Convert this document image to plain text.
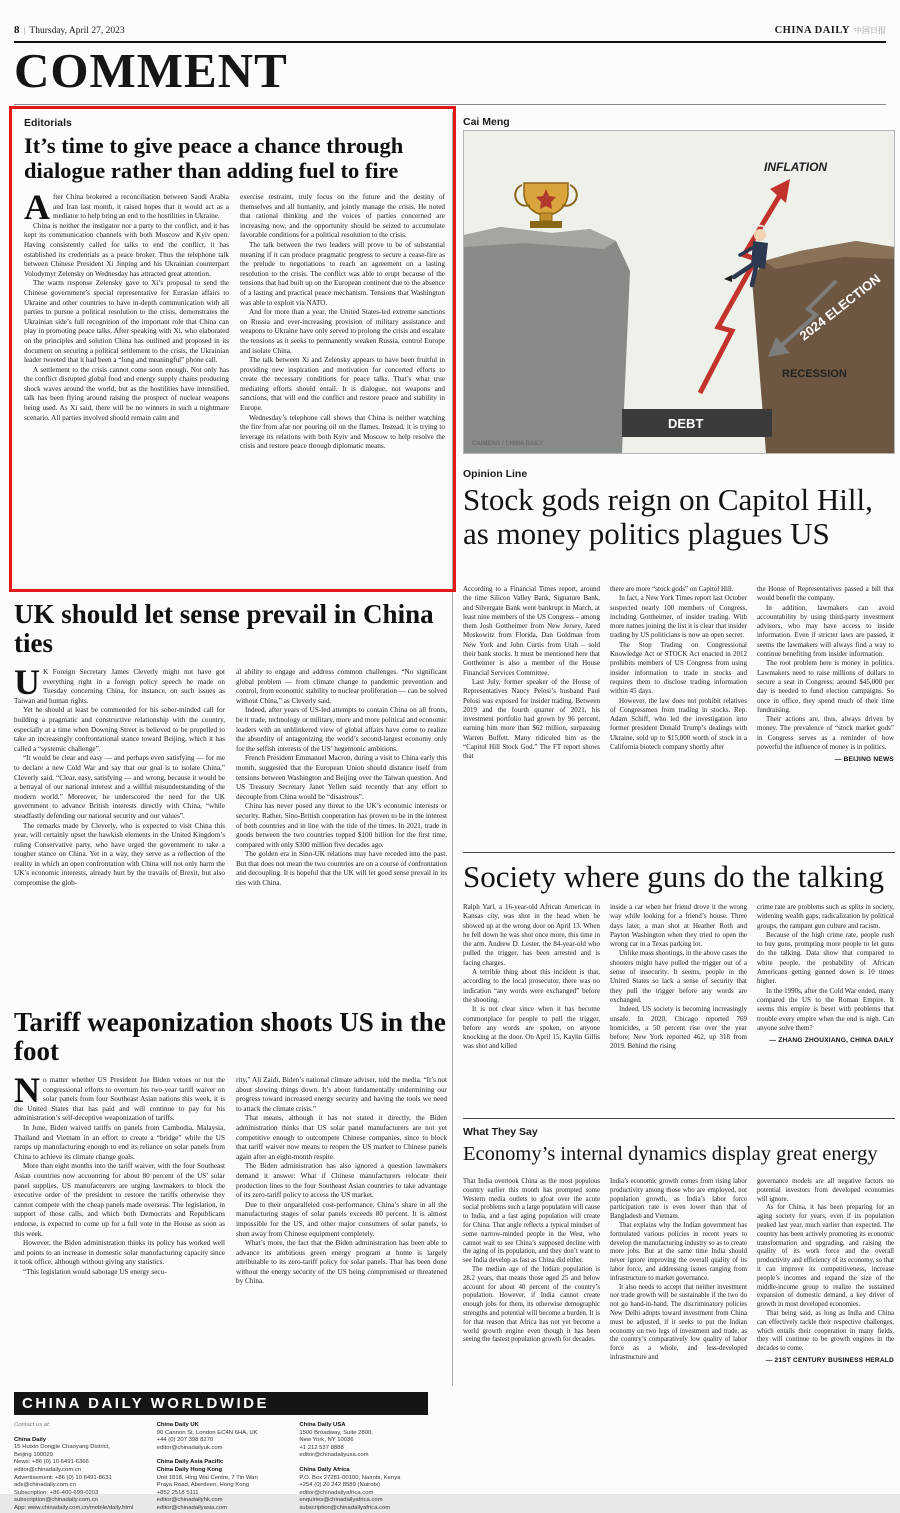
8 | Thursday, April 27, 2023	CHINA DAILY 中国日报
COMMENT
Editorials
It’s time to give peace a chance through dialogue rather than adding fuel to fire

After China brokered a reconciliation between Saudi Arabia and Iran last month, it raised hopes that it would act as a mediator to help bring an end to the hostilities in Ukraine.

China is neither the instigator nor a party to the conflict, and it has kept its communication channels with both Moscow and Kyiv open. Having consistently called for talks to end the conflict, it has established its credentials as a peace broker. Thus the telephone talk between Chinese President Xi Jinping and his Ukrainian counterpart Volodymyr Zelensky on Wednesday has attracted great attention.

The warm response Zelensky gave to Xi’s proposal to send the Chinese government’s special representative for Eurasian affairs to Ukraine and other countries to have in-depth communication with all parties to pursue a political resolution to the crisis, demonstrates the Ukrainian side’s full recognition of the important role that China can play in promoting peace talks. After speaking with Xi, who elaborated on the principles and solution China has outlined and proposed in its document on securing a political settlement to the crisis, the Ukrainian leader tweeted that it had been a “long and meaningful” phone call.

A settlement to the crisis cannot come soon enough. Not only has the conflict disrupted global food and energy supply chains producing shock waves around the world, but as the hostilities have intensified, talk has been flying around raising the prospect of nuclear weapons being used. As Xi said, there will be no winners in such a nightmare scenario. All parties involved should remain calm and

exercise restraint, truly focus on the future and the destiny of themselves and all humanity, and jointly manage the crisis. He noted that rational thinking and the voices of parties concerned are increasing now, and the opportunity should be seized to accumulate favorable conditions for a political resolution to the crisis.

The talk between the two leaders will prove to be of substantial meaning if it can produce pragmatic progress to secure a cease-fire as the prelude to negotiations to reach an agreement on a lasting resolution to the crisis. The conflict was able to erupt because of the tensions that had built up on the European continent due to the absence of a lasting and practical peace mechanism. Tensions that Washington was able to exploit via NATO.

And for more than a year, the United States-led extreme sanctions on Russia and ever-increasing provision of military assistance and weapons to Ukraine have only served to prolong the crisis and escalate the tensions as it seeks to permanently weaken Russia, control Europe and isolate China.

The talk between Xi and Zelensky appears to have been fruitful in providing new inspiration and motivation for concerted efforts to create the necessary conditions for peace talks. That’s what true mediating efforts should entail. It is dialogue, not weapons and sanctions, that will end the conflict and restore peace and stability in Europe.

Wednesday’s telephone call shows that China is neither watching the fire from afar nor pouring oil on the flames. Instead, it is trying to leverage its relations with both Kyiv and Moscow to help resolve the crisis and restore peace through diplomatic means.

UK should let sense prevail in China ties

UK Foreign Secretary James Cleverly might not have got everything right in a foreign policy speech he made on Tuesday concerning China, for instance, on such issues as Taiwan and human rights.

Yet he should at least be commended for his sober-minded call for building a pragmatic and constructive relationship with the country, especially at a time when Downing Street is believed to be propelled to take an increasingly confrontational stance toward Beijing, which it has called a “systemic challenge”.

“It would be clear and easy — and perhaps even satisfying — for me to declare a new Cold War and say that our goal is to isolate China,” Cleverly said. “Clear, easy, satisfying — and wrong, because it would be a betrayal of our national interest and a willful misunderstanding of the modern world.” Moreover, he underscored the need for the UK government to advance British interests directly with China, “while steadfastly defending our national security and our values”.

The remarks made by Cleverly, who is expected to visit China this year, will certainly upset the hawkish elements in the United Kingdom’s ruling Conservative party, who have urged the government to take a tougher stance on China. Yet in a way, they serve as a reflection of the reality in which an open confrontation with China will not only harm the UK’s economic interests, already hurt by the travails of Brexit, but also compromise the glob-

al ability to engage and address common challenges. “No significant global problem — from climate change to pandemic prevention and control, from economic stability to nuclear proliferation — can be solved without China,” as Cleverly said.

Indeed, after years of US-led attempts to contain China on all fronts, be it trade, technology or military, more and more political and economic leaders with an unblinkered view of global affairs have come to realize the absurdity of antagonizing the world’s second-largest economy only for the selfish interests of the US’ hegemonic ambitions.

French President Emmanuel Macron, during a visit to China early this month, suggested that the European Union should distance itself from tensions between Washington and Beijing over the Taiwan question. And US Treasury Secretary Janet Yellen said recently that any effort to decouple from China would be “disastrous”.

China has never posed any threat to the UK’s economic interests or security. Rather, Sino-British cooperation has proven to be in the interest of both countries and in line with the tide of the times. In 2021, trade in goods between the two countries topped $100 billion for the first time, compared with only $300 million five decades ago.

The golden era in Sino-UK relations may have receded into the past. But that does not mean the two countries are on a course of confrontation and decoupling. It is hopeful that the UK will let good sense prevail in its ties with China.

Tariff weaponization shoots US in the foot

No matter whether US President Joe Biden vetoes or not the congressional efforts to overturn his two-year tariff waiver on solar panels from four Southeast Asian nations this week, it is the United States that has paid and will continue to pay for his administration’s self-deceptive weaponization of tariffs.

In June, Biden waived tariffs on panels from Cambodia, Malaysia, Thailand and Vietnam in an effort to create a “bridge” while the US ramps up manufacturing enough to end its reliance on solar panels from China to achieve its climate change goals.

More than eight months into the tariff waiver, with the four Southeast Asian countries now accounting for about 80 percent of the US’ solar panel supplies, US manufacturers are urging lawmakers to block the executive order of the president to restore the tariffs otherwise they cannot compete with the cheap panels made overseas. The legislation, in support of those calls, and which both Democrats and Republicans endorse, is expected to come up for a full vote in the House as soon as this week.

However, the Biden administration thinks its policy has worked well and points to an increase in domestic solar manufacturing capacity since it took office, although without giving any statistics.

“This legislation would sabotage US energy secu-

rity,” Ali Zaidi, Biden’s national climate adviser, told the media. “It’s not about slowing things down. It’s about fundamentally undermining our progress toward increased energy security and having the tools we need to attack the climate crisis.”

That means, although it has not stated it directly, the Biden administration thinks that US solar panel manufacturers are not yet competitive enough to outcompete Chinese companies, since to block that tariff waiver now means to reopen the US market to Chinese panels again after an eight-month respite.

The Biden administration has also ignored a question lawmakers demand it answer: What if Chinese manufacturers relocate their production lines to the four Southeast Asian countries to take advantage of its zero-tariff policy to access the US market.

Due to their unparalleled cost-performance, China’s share in all the manufacturing stages of solar panels exceeds 80 percent. It is almost impossible for the US, and other major consumers of solar panels, to shun away from Chinese equipment completely.

What’s more, the fact that the Biden administration has been able to advance its ambitious green energy program at home is largely attributable to its zero-tariff policy for solar panels. That has been done without the energy security of the US being compromised or threatened by China.

Cai Meng
2024 ELECTION
DEBT
INFLATION
RECESSION
CAIMENG / CHINA DAILY
Opinion Line
Stock gods reign on Capitol Hill, as money politics plagues US

According to a Financial Times report, around the time Silicon Valley Bank, Signature Bank, and Silvergate Bank went bankrupt in March, at least nine members of the US Congress – among them Josh Gottheimer from New Jersey, Jared Moskowitz from Florida, Dan Goldman from New York and John Curtis from Utah – sold their bank stocks. It must be mentioned here that Gottheimer is also a member of the House Financial Services Committee.

Last July, former speaker of the House of Representatives Nancy Pelosi’s husband Paul Pelosi was exposed for insider trading. Between 2019 and the fourth quarter of 2021, his investment portfolio had grown by 96 percent, earning him more than $62 million, surpassing Warren Buffett. Many ridiculed him as the “Capitol Hill Stock God.” The FT report shows that

there are more “stock gods” on Capitol Hill.

In fact, a New York Times report last October suspected nearly 100 members of Congress, including Gottheimer, of insider trading. With more names joining the list it is clear that insider trading by US politicians is now an open secret.

The Stop Trading on Congressional Knowledge Act or STOCK Act enacted in 2012 prohibits members of US Congress from using insider information to trade in stocks and requires them to disclose trading information within 45 days.

However, the law does not prohibit relatives of Congressmen from trading in stocks. Rep. Adam Schiff, who led the investigation into former president Donald Trump’s dealings with Ukraine, sold up to $15,000 worth of stock in a California biotech company shortly after

the House of Representatives passed a bill that would benefit the company.

In addition, lawmakers can avoid accountability by using third-party investment advisors, who may have access to inside information. Even if stricter laws are passed, it seems the lawmakers will always find a way to continue benefiting from insider information.

The root problem here is money in politics. Lawmakers need to raise millions of dollars to secure a seat in Congress; around $45,000 per day is needed to fund election campaigns. So once in office, they spend much of their time fundraising.

Their actions are, thus, always driven by money. The prevalence of “stock market gods” in Congress serves as a reminder of how powerful the influence of money is in politics.

— BEIJING NEWS
Society where guns do the talking

Ralph Yarl, a 16-year-old African American in Kansas city, was shot in the head when he showed up at the wrong door on April 13. When he fell down he was shot once more, this time in the arm. Andrew D. Lester, the 84-year-old who pulled the trigger, has been arrested and is facing charges.

A terrible thing about this incident is that, according to the local prosecutor, there was no indication “any words were exchanged” before the shooting.

It is not clear since when it has become commonplace for people to pull the trigger, before any words are spoken, on anyone knocking at the door. On April 15, Kaylin Gillis was shot and killed

inside a car when her friend drove it the wrong way while looking for a friend’s house. Three days later, a man shot at Heather Roth and Payton Washington when they tried to open the wrong car in a Texas parking lot.

Unlike mass shootings, in the above cases the shooters might have pulled the trigger out of a sense of insecurity. It seems, people in the United States so lack a sense of security that they pull the trigger before any words are exchanged.

Indeed, US society is becoming increasingly unsafe. In 2020, Chicago reported 769 homicides, a 50 percent rise over the year before; New York reported 462, up 318 from 2019. Behind the rising

crime rate are problems such as splits in society, widening wealth gaps, radicalization by political groups, the rampant gun culture and racism.

Because of the high crime rate, people rush to buy guns, prompting more people to let guns do the talking. Data show that compared to white people, the probability of African Americans getting gunned down is 10 times higher.

In the 1990s, after the Cold War ended, many compared the US to the Roman Empire. It seems this empire is beset with problems that trouble every empire when the end is nigh. Can anyone solve them?

— ZHANG ZHOUXIANG, CHINA DAILY
What They Say
Economy’s internal dynamics display great energy

That India overtook China as the most populous country earlier this month has prompted some Western media outlets to gloat over the acute social problems such a large population will cause to India, and a fast aging population will create for China. That angle reflects a typical mindset of some narrow-minded people in the West, who cannot wait to see China’s supposed decline with the aging of its population, and they don’t want to see India develop as fast as China did either.

The median age of the Indian population is 28.2 years, that means those aged 25 and below account for about 40 percent of the country’s population. However, if India cannot create enough jobs for them, its otherwise demographic strengths and potential will become a burden. It is for that reason that Africa has not yet become a world growth engine even though it has been seeing the fastest population growth for decades.

India’s economic growth comes from rising labor productivity among those who are employed, not population growth, as India’s labor force participation rate is even lower than that of Bangladesh and Vietnam.

That explains why the Indian government has formulated various policies in recent years to develop the manufacturing industry so as to create more jobs. But at the same time India should never ignore improving the overall quality of its labor force, and addressing issues ranging from infrastructure to market governance.

It also needs to accept that neither investment nor trade growth will be sustainable if the two do not go hand-in-hand. The discriminatory policies New Delhi adopts toward investment from China must be adjusted, if it seeks to put the Indian economy on two legs of investment and trade, as the country’s comparatively low quality of labor force as a whole, and less-developed infrastructure and

governance models are all negative factors no potential investors from developed economies will ignore.

As for China, it has been preparing for an aging society for years, even if its population peaked last year, much earlier than expected. The country has been actively promoting its economic transformation and upgrading, and raising the quality of its work force and the overall productivity and efficiency of its economy, so that it can improve its competitiveness, increase people’s incomes and expand the size of the middle-income group to realize the sustained expansion of domestic demand, a key driver of growth in most developed economies.

That being said, as long as India and China can effectively tackle their respective challenges, which entails their cooperation in many fields, they will continue to be growth engines in the decades to come.

— 21ST CENTURY BUSINESS HERALD
CHINA DAILY WORLDWIDE

Contact us at:

China Daily

15 Huixin Dongjie Chaoyang District,

Beijing 100029

News: +86 (0) 10 6491-6366

editor@chinadaily.com.cn

Advertisement: +86 (0) 10 6491-8631

ads@chinadaily.com.cn

Subscription: +86-400-699-0203

subscription@chinadaily.com.cn

App: www.chinadaily.com.cn/mobile/daily.html

China Daily UK

90 Cannon St, London EC4N 6HA, UK

+44 (0) 207 398 8270

editor@chinadailyuk.com

China Daily Asia Pacific

China Daily Hong Kong

Unit 1818, Hing Wai Centre, 7 Tin Wan

Praya Road, Aberdeen, Hong Kong

+852 2518 5111

editor@chinadailyhk.com

editor@chinadailyasia.com

China Daily USA

1500 Broadway, Suite 2800,

New York, NY 10036

+1 212 537 8888

editor@chinadailyusa.com

China Daily Africa

P.O. Box 27281-00100, Nairobi, Kenya

+254 (0) 20 242 8589 (Nairobi)

editor@chinadailyafrica.com

enquiries@chinadailyafrica.com

subscription@chinadailyafrica.com
